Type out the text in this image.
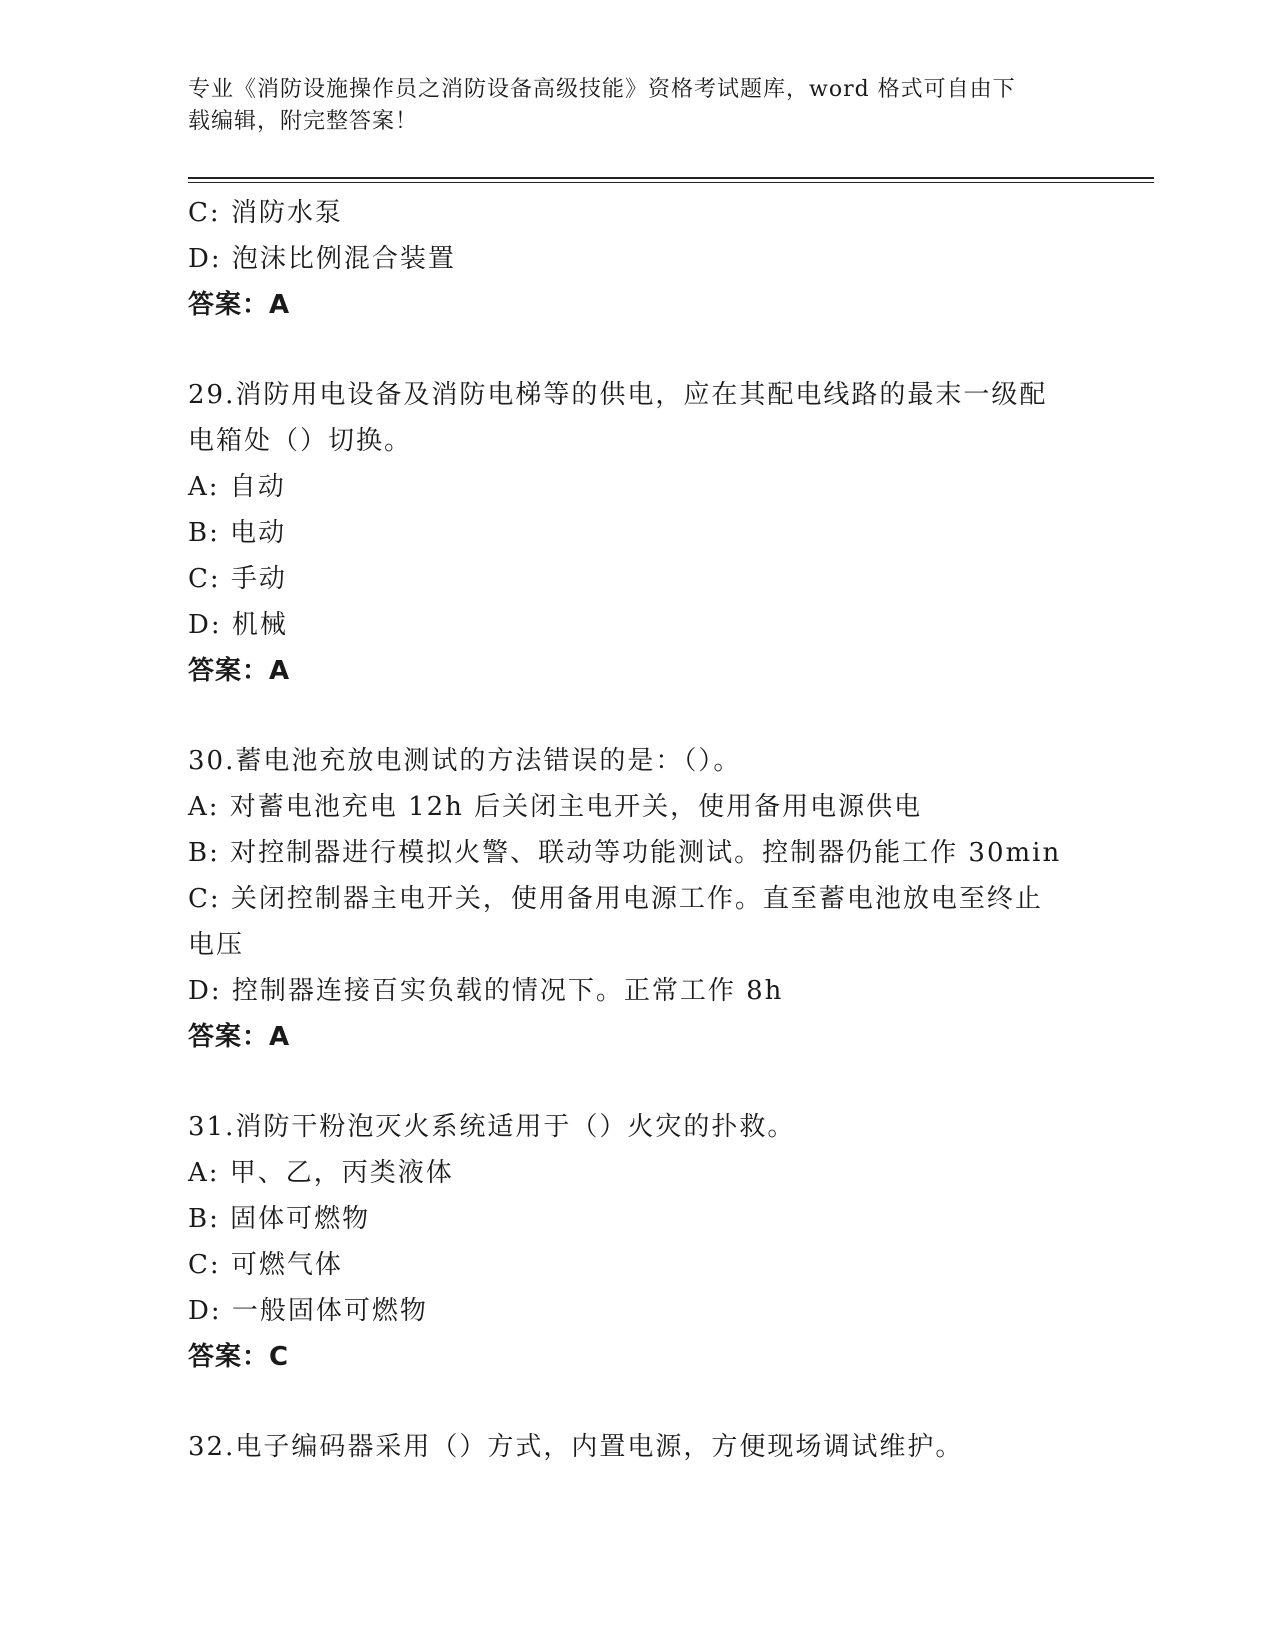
专业《消防设施操作员之消防设备高级技能》资格考试题库，word 格式可自由下
载编辑，附完整答案！
C: 消防水泵
D: 泡沫比例混合装置
答案：A
29.消防用电设备及消防电梯等的供电，应在其配电线路的最末一级配
电箱处（）切换。
A: 自动
B: 电动
C: 手动
D: 机械
答案：A
30.蓄电池充放电测试的方法错误的是：（）。
A: 对蓄电池充电 12h 后关闭主电开关，使用备用电源供电
B: 对控制器进行模拟火警、联动等功能测试。控制器仍能工作 30min
C: 关闭控制器主电开关，使用备用电源工作。直至蓄电池放电至终止
电压
D: 控制器连接百实负载的情况下。正常工作 8h
答案：A
31.消防干粉泡灭火系统适用于（）火灾的扑救。
A: 甲、乙，丙类液体
B: 固体可燃物
C: 可燃气体
D: 一般固体可燃物
答案：C
32.电子编码器采用（）方式，内置电源，方便现场调试维护。
